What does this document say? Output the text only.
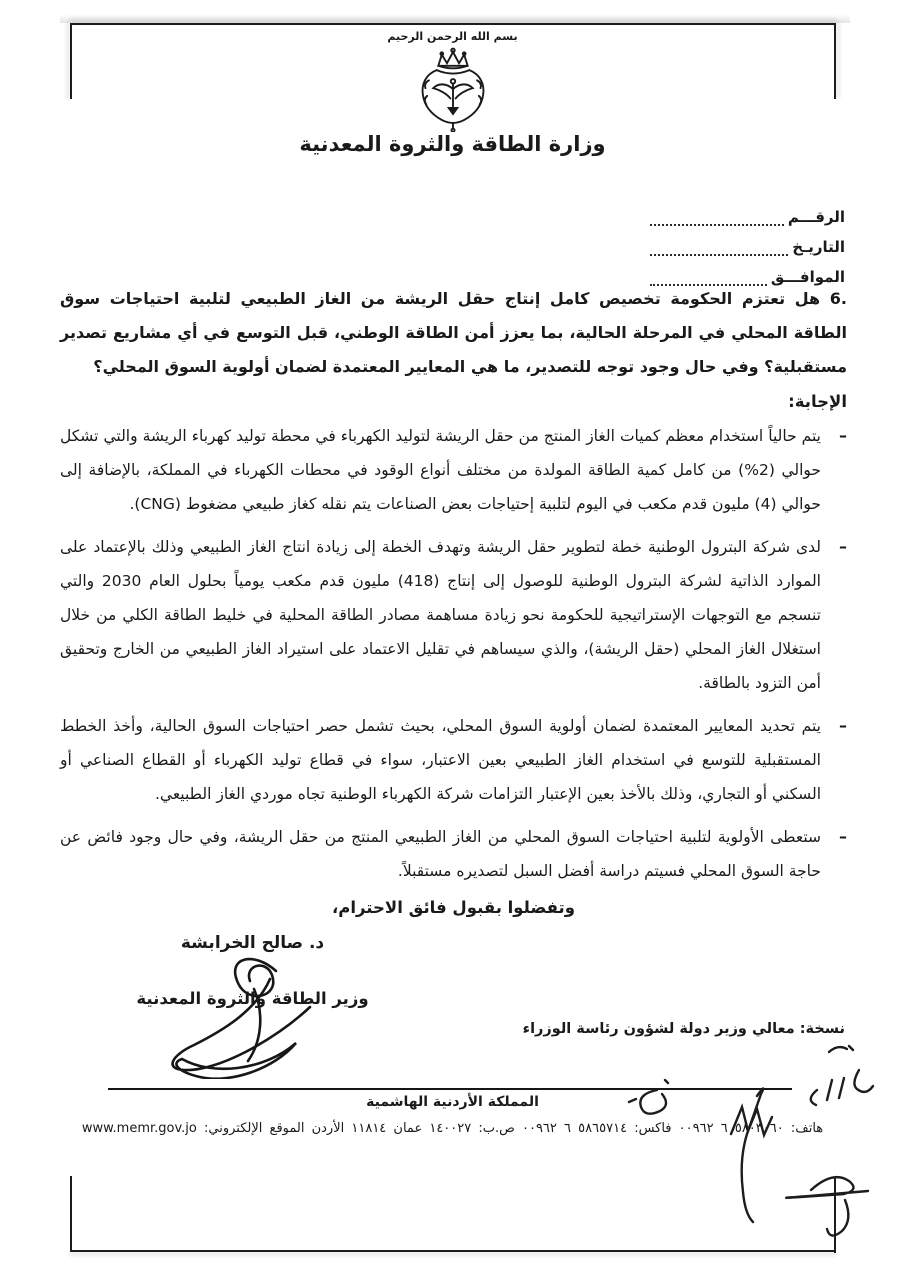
بسم الله الرحمن الرحيم
وزارة الطاقة والثروة المعدنية
الرقـــم
التاريـخ
الموافـــق

6. هل تعتزم الحكومة تخصيص كامل إنتاج حقل الريشة من الغاز الطبيعي لتلبية احتياجات سوق الطاقة المحلي في المرحلة الحالية، بما يعزز أمن الطاقة الوطني، قبل التوسع في أي مشاريع تصدير مستقبلية؟ وفي حال وجود توجه للتصدير، ما هي المعايير المعتمدة لضمان أولوية السوق المحلي؟

الإجابة:
–
يتم حالياً استخدام معظم كميات الغاز المنتج من حقل الريشة لتوليد الكهرباء في محطة توليد كهرباء الريشة والتي تشكل حوالي (2%) من كامل كمية الطاقة المولدة من مختلف أنواع الوقود في محطات الكهرباء في المملكة، بالإضافة إلى حوالي (4) مليون قدم مكعب في اليوم لتلبية إحتياجات بعض الصناعات يتم نقله كغاز طبيعي مضغوط (CNG).
–
لدى شركة البترول الوطنية خطة لتطوير حقل الريشة وتهدف الخطة إلى زيادة انتاج الغاز الطبيعي وذلك بالإعتماد على الموارد الذاتية لشركة البترول الوطنية للوصول إلى إنتاج (418) مليون قدم مكعب يومياً بحلول العام 2030 والتي تنسجم مع التوجهات الإستراتيجية للحكومة نحو زيادة مساهمة مصادر الطاقة المحلية في خليط الطاقة الكلي من خلال استغلال الغاز المحلي (حقل الريشة)، والذي سيساهم في تقليل الاعتماد على استيراد الغاز الطبيعي من الخارج وتحقيق أمن التزود بالطاقة.
–
يتم تحديد المعايير المعتمدة لضمان أولوية السوق المحلي، بحيث تشمل حصر احتياجات السوق الحالية، وأخذ الخطط المستقبلية للتوسع في استخدام الغاز الطبيعي بعين الاعتبار، سواء في قطاع توليد الكهرباء أو القطاع الصناعي أو السكني أو التجاري، وذلك بالأخذ بعين الإعتبار التزامات شركة الكهرباء الوطنية تجاه موردي الغاز الطبيعي.
–
ستعطى الأولوية لتلبية احتياجات السوق المحلي من الغاز الطبيعي المنتج من حقل الريشة، وفي حال وجود فائض عن حاجة السوق المحلي فسيتم دراسة أفضل السبل لتصديره مستقبلاً.
وتفضلوا بقبول فائق الاحترام،
د. صالح الخرابشة
وزير الطاقة والثروة المعدنية
نسخة: معالي وزير دولة لشؤون رئاسة الوزراء
المملكة الأردنية الهاشمية
هاتف: ٥٨٠٣٠٦٠ ٦ ٠٠٩٦٢ فاكس: ٥٨٦٥٧١٤ ٦ ٠٠٩٦٢ ص.ب: ١٤٠٠٢٧ عمان ١١٨١٤ الأردن الموقع الإلكتروني: www.memr.gov.jo
